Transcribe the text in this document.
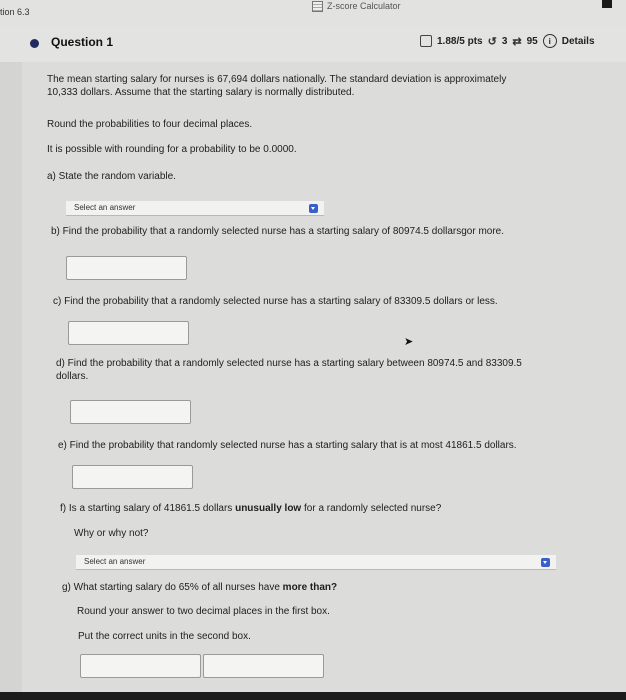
tion 6.3
Z-score Calculator
Question 1	1.88/5 pts ↺ 3 ⇄ 95	i	Details
The mean starting salary for nurses is 67,694 dollars nationally. The standard deviation is approximately
10,333 dollars. Assume that the starting salary is normally distributed.
Round the probabilities to four decimal places.
It is possible with rounding for a probability to be 0.0000.
a) State the random variable.
Select an answer
b) Find the probability that a randomly selected nurse has a starting salary of 80974.5 dollarsgor more.
c) Find the probability that a randomly selected nurse has a starting salary of 83309.5 dollars or less.
➤
d) Find the probability that a randomly selected nurse has a starting salary between 80974.5 and 83309.5
dollars.
e) Find the probability that randomly selected nurse has a starting salary that is at most 41861.5 dollars.
f) Is a starting salary of 41861.5 dollars unusually low for a randomly selected nurse?
Why or why not?
Select an answer
g) What starting salary do 65% of all nurses have more than?
Round your answer to two decimal places in the first box.
Put the correct units in the second box.
